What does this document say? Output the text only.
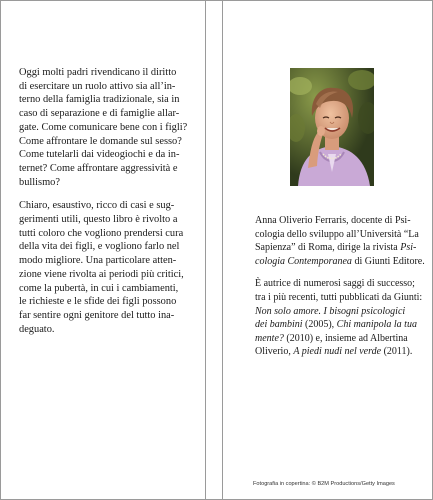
Oggi molti padri rivendicano il diritto
di esercitare un ruolo attivo sia all’in-
terno della famiglia tradizionale, sia in
caso di separazione e di famiglie allar-
gate. Come comunicare bene con i figli?
Come affrontare le domande sul sesso?
Come tutelarli dai videogiochi e da in-
ternet? Come affrontare aggressività e
bullismo?

Chiaro, esaustivo, ricco di casi e sug-
gerimenti utili, questo libro è rivolto a
tutti coloro che vogliono prendersi cura
della vita dei figli, e vogliono farlo nel
modo migliore. Una particolare atten-
zione viene rivolta ai periodi più critici,
come la pubertà, in cui i cambiamenti,
le richieste e le sfide dei figli possono
far sentire ogni genitore del tutto ina-
deguato.

Anna Oliverio Ferraris, docente di Psi-
cologia dello sviluppo all’Università “La
Sapienza” di Roma, dirige la rivista Psi-
cologia Contemporanea di Giunti Editore.

È autrice di numerosi saggi di successo;
tra i più recenti, tutti pubblicati da Giunti:
Non solo amore. I bisogni psicologici
dei bambini (2005), Chi manipola la tua
mente? (2010) e, insieme ad Albertina
Oliverio, A piedi nudi nel verde (2011).

Fotografia in copertina: © B2M Productions/Getty Images
